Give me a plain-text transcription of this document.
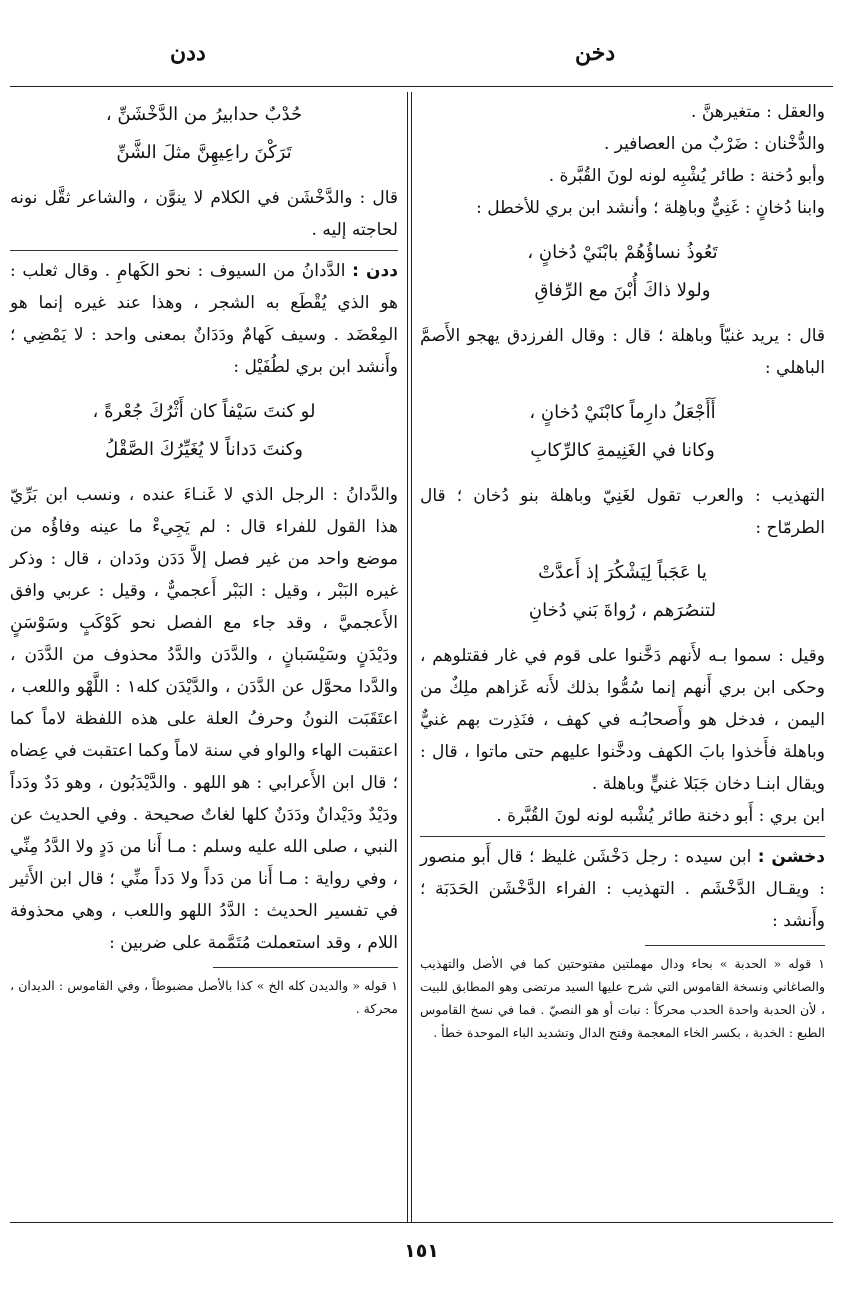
ددن	دخن

والعقل : متغيرهنَّ .

والدُّخْنان : ضَرْبٌ من العصافير .

وأبو دُخنة : طائر يُشْبِه لونه لونَ القُبَّرة .

وابنا دُخانٍ : غَنِيٌّ وباهِلة ؛ وأنشد ابن بري للأخطل :

تَعُوذُ نساؤُهُمْ بابْنَيْ دُخانٍ ،
ولولا ذاكَ أُبْنَ مع الرِّفاقِ

قال : يريد غنيّاً وباهلة ؛ قال : وقال الفرزدق يهجو الأَصمَّ الباهلي :

أَأَجْعَلُ دارِماً كابْنَيْ دُخانٍ ،
وكانا في الغَنِيمةِ كالرِّكابِ

التهذيب : والعرب تقول لغَنِيّ وباهلة بنو دُخان ؛ قال الطرمّاح :

يا عَجَباً لِيَشْكُرَ إذ أَعدَّتْ
لتنصُرَهم ، رُواةَ بَني دُخانِ

وقيل : سموا بـه لأَنهم دَخَّنوا على قوم في غار فقتلوهم ، وحكى ابن بري أَنهم إنما سُمُّوا بذلك لأَنه غَزاهم ملِكٌ من اليمن ، فدخل هو وأَصحابُـه في كهف ، فنَذِرت بهم غنيٌّ وباهلة فأَخذوا بابَ الكهف ودخَّنوا عليهم حتى ماتوا ، قال : ويقال ابنـا دخان جَبَلا غنيٍّ وباهلة .

ابن بري : أَبو دخنة طائر يُشْبه لونه لونَ القُبَّرة .

دخشن : ابن سيده : رجل دَخْشَن غليظ ؛ قال أَبو منصور : ويقـال الدَّخْشَم . التهذيب : الفراء الدَّخْشَن الحَدَبَة ؛ وأَنشد :

١ قوله « الحدبة » بحاء ودال مهملتين مفتوحتين كما في الأصل والتهذيب والصاغاني ونسخة القاموس التي شرح عليها السيد مرتضى وهو المطابق للبيت ، لأن الحدبة واحدة الحدب محركاً : نبات أو هو النصيّ . فما في نسخ القاموس الطبع : الخدبة ، بكسر الخاء المعجمة وفتح الدال وتشديد الباء الموحدة خطأ .

حُدْبٌ حدابيرُ من الدَّخْشَنِّ ،
تَرَكْنَ راعِيهِنَّ مثلَ الشَّنِّ

قال : والدَّخْشَن في الكلام لا ينوَّن ، والشاعر ثقَّل نونه لحاجته إليه .

ددن : الدَّدانُ من السيوف : نحو الكَهامِ . وقال ثعلب : هو الذي يُقْطَع به الشجر ، وهذا عند غيره إنما هو المِعْضَد . وسيف كَهامٌ ودَدَانٌ بمعنى واحد : لا يَمْضِي ؛ وأَنشد ابن بري لطُفَيْل :

لو كنتَ سَيْفاً كان أَثْرُكَ جُعْرةً ،
وكنتَ دَداناً لا يُغَيِّرُكَ الصَّقْلُ

والدَّدانُ : الرجل الذي لا غَنـاءَ عنده ، ونسب ابن بَرِّيّ هذا القول للفراء قال : لم يَجِيءْ ما عينه وفاؤُه من موضع واحد من غير فصل إلاَّ دَدَن ودَدان ، قال : وذكر غيره البَبْر ، وقيل : البَبْر أَعجميٌّ ، وقيل : عربي وافق الأَعجميَّ ، وقد جاء مع الفصل نحو كَوْكَبٍ وسَوْسَنٍ ودَيْدَنٍ وسَيْسَبانٍ ، والدَّدَن والدَّدُ محذوف من الدَّدَن ، والدَّدا محوَّل عن الدَّدَن ، والدَّيْدَن كله١ : اللَّهْو واللعب ، اعتَقَبَت النونُ وحرفُ العلة على هذه اللفظة لاماً كما اعتقبت الهاء والواو في سنة لاماً وكما اعتقبت في عِضاه ؛ قال ابن الأَعرابي : هو اللهو . والدَّيْدَبُون ، وهو دَدٌ ودَداً ودَيْدٌ ودَيْدانٌ ودَدَنٌ كلها لغاتٌ صحيحة . وفي الحديث عن النبي ، صلى الله عليه وسلم : مـا أَنا من دَدٍ ولا الدَّدُ مِنِّي ، وفي رواية : مـا أَنا من دَداً ولا دَداً منِّي ؛ قال ابن الأَثير في تفسير الحديث : الدَّدُ اللهو واللعب ، وهي محذوفة اللام ، وقد استعملت مُتَمَّمة على ضربين :

١ قوله « والديدن كله الخ » كذا بالأصل مضبوطاً ، وفي القاموس : الديدان ، محركة .

١٥١
